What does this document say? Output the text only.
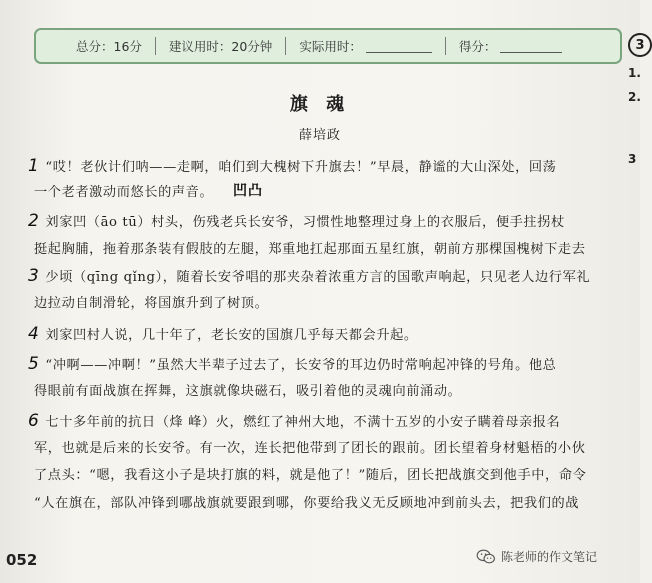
总分：16分 建议用时：20分钟 实际用时：	得分：	3
1.
2.
3
旗 魂
薛培政
凹凸
1 “哎！老伙计们呐——走啊，咱们到大槐树下升旗去！”早晨，静谧的大山深处，回荡
一个老者激动而悠长的声音。
2 刘家凹（āo tū）村头，伤残老兵长安爷，习惯性地整理过身上的衣服后，便手拄拐杖
挺起胸脯，拖着那条装有假肢的左腿，郑重地扛起那面五星红旗，朝前方那棵国槐树下走去
3 少顷（qīng qǐng），随着长安爷唱的那夹杂着浓重方言的国歌声响起，只见老人边行军礼
边拉动自制滑轮，将国旗升到了树顶。
4 刘家凹村人说，几十年了，老长安的国旗几乎每天都会升起。
5 “冲啊——冲啊！”虽然大半辈子过去了，长安爷的耳边仍时常响起冲锋的号角。他总
得眼前有面战旗在挥舞，这旗就像块磁石，吸引着他的灵魂向前涌动。
6 七十多年前的抗日（烽 峰）火，燃红了神州大地，不满十五岁的小安子瞒着母亲报名
军，也就是后来的长安爷。有一次，连长把他带到了团长的跟前。团长望着身材魁梧的小伙
了点头：“嗯，我看这小子是块打旗的料，就是他了！”随后，团长把战旗交到他手中，命令
“人在旗在，部队冲锋到哪战旗就要跟到哪，你要给我义无反顾地冲到前头去，把我们的战
052	陈老师的作文笔记
